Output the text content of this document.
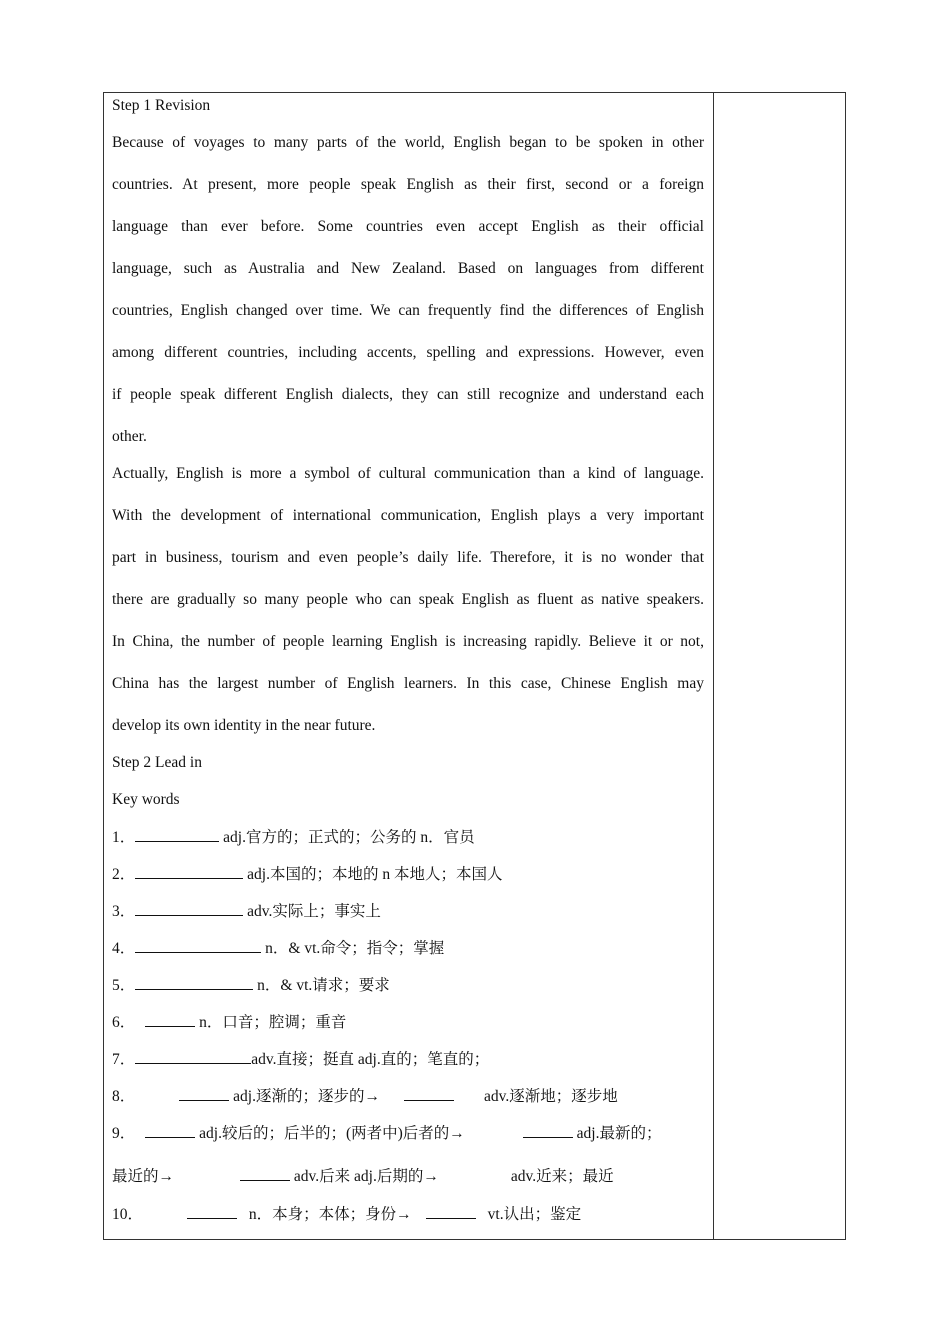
Step 1 Revision
Because of voyages to many parts of the world, English began to be spoken in other
countries. At present, more people speak English as their first, second or a foreign
language than ever before. Some countries even accept English as their official
language, such as Australia and New Zealand. Based on languages from different
countries, English changed over time. We can frequently find the differences of English
among different countries, including accents, spelling and expressions. However, even
if people speak different English dialects, they can still recognize and understand each
other.
Actually, English is more a symbol of cultural communication than a kind of language.
With the development of international communication, English plays a very important
part in business, tourism and even people’s daily life. Therefore, it is no wonder that
there are gradually so many people who can speak English as fluent as native speakers.
In China, the number of people learning English is increasing rapidly. Believe it or not,
China has the largest number of English learners. In this case, Chinese English may
develop its own identity in the near future.
Step 2 Lead in
Key words
1．	adj.官方的；正式的；公务的 n．官员
2．	adj.本国的；本地的 n 本地人；本国人
3．	adv.实际上；事实上
4．	n．& vt.命令；指令；掌握
5．	n．& vt.请求；要求
6．	n．口音；腔调；重音
7．	adv.直接；挺直 adj.直的；笔直的；
8．	adj.逐渐的；逐步的→	adv.逐渐地；逐步地
9．	adj.较后的；后半的；(两者中)后者的→	adj.最新的；
最近的→	adv.后来 adj.后期的→	adv.近来；最近
10．	n．本身；本体；身份→	vt.认出；鉴定
